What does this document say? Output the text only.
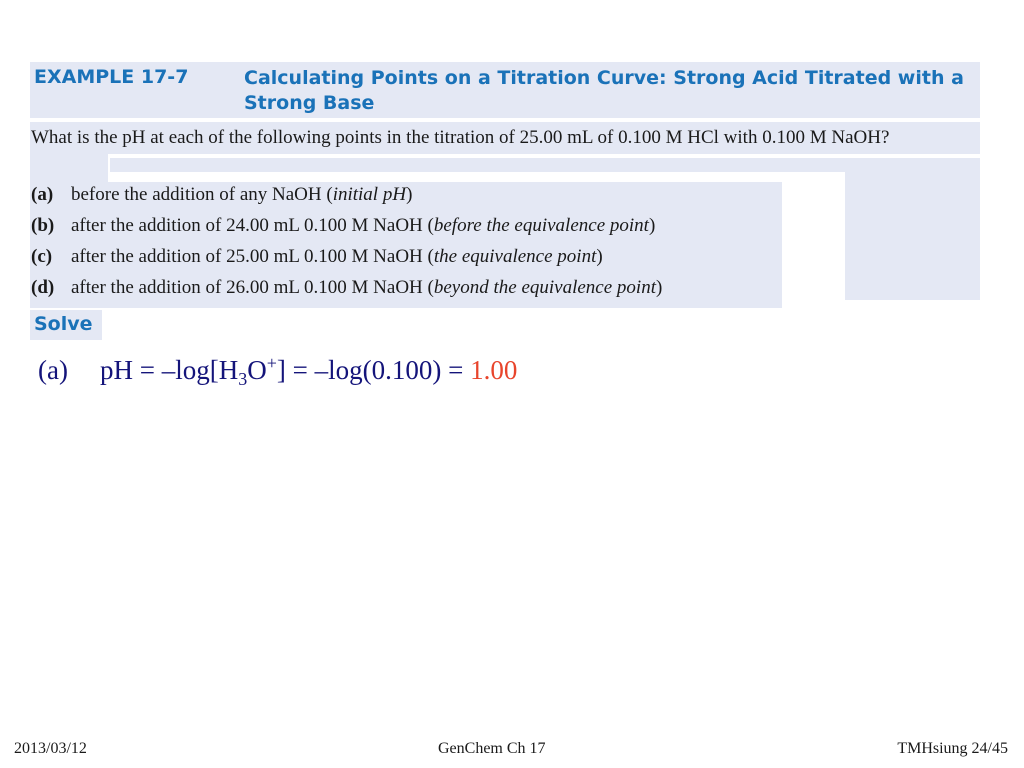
EXAMPLE 17-7	Calculating Points on a Titration Curve: Strong Acid Titrated with a Strong Base
What is the pH at each of the following points in the titration of 25.00 mL of 0.100 M HCl with 0.100 M NaOH?
(a) before the addition of any NaOH (initial pH)
(b) after the addition of 24.00 mL 0.100 M NaOH (before the equivalence point)
(c) after the addition of 25.00 mL 0.100 M NaOH (the equivalence point)
(d) after the addition of 26.00 mL 0.100 M NaOH (beyond the equivalence point)
Solve
(a) pH = $-\log[H_3O^+] = -\log(0.100) = 1.00$
2013/03/12	GenChem Ch 17	TMHsiung 24/45
